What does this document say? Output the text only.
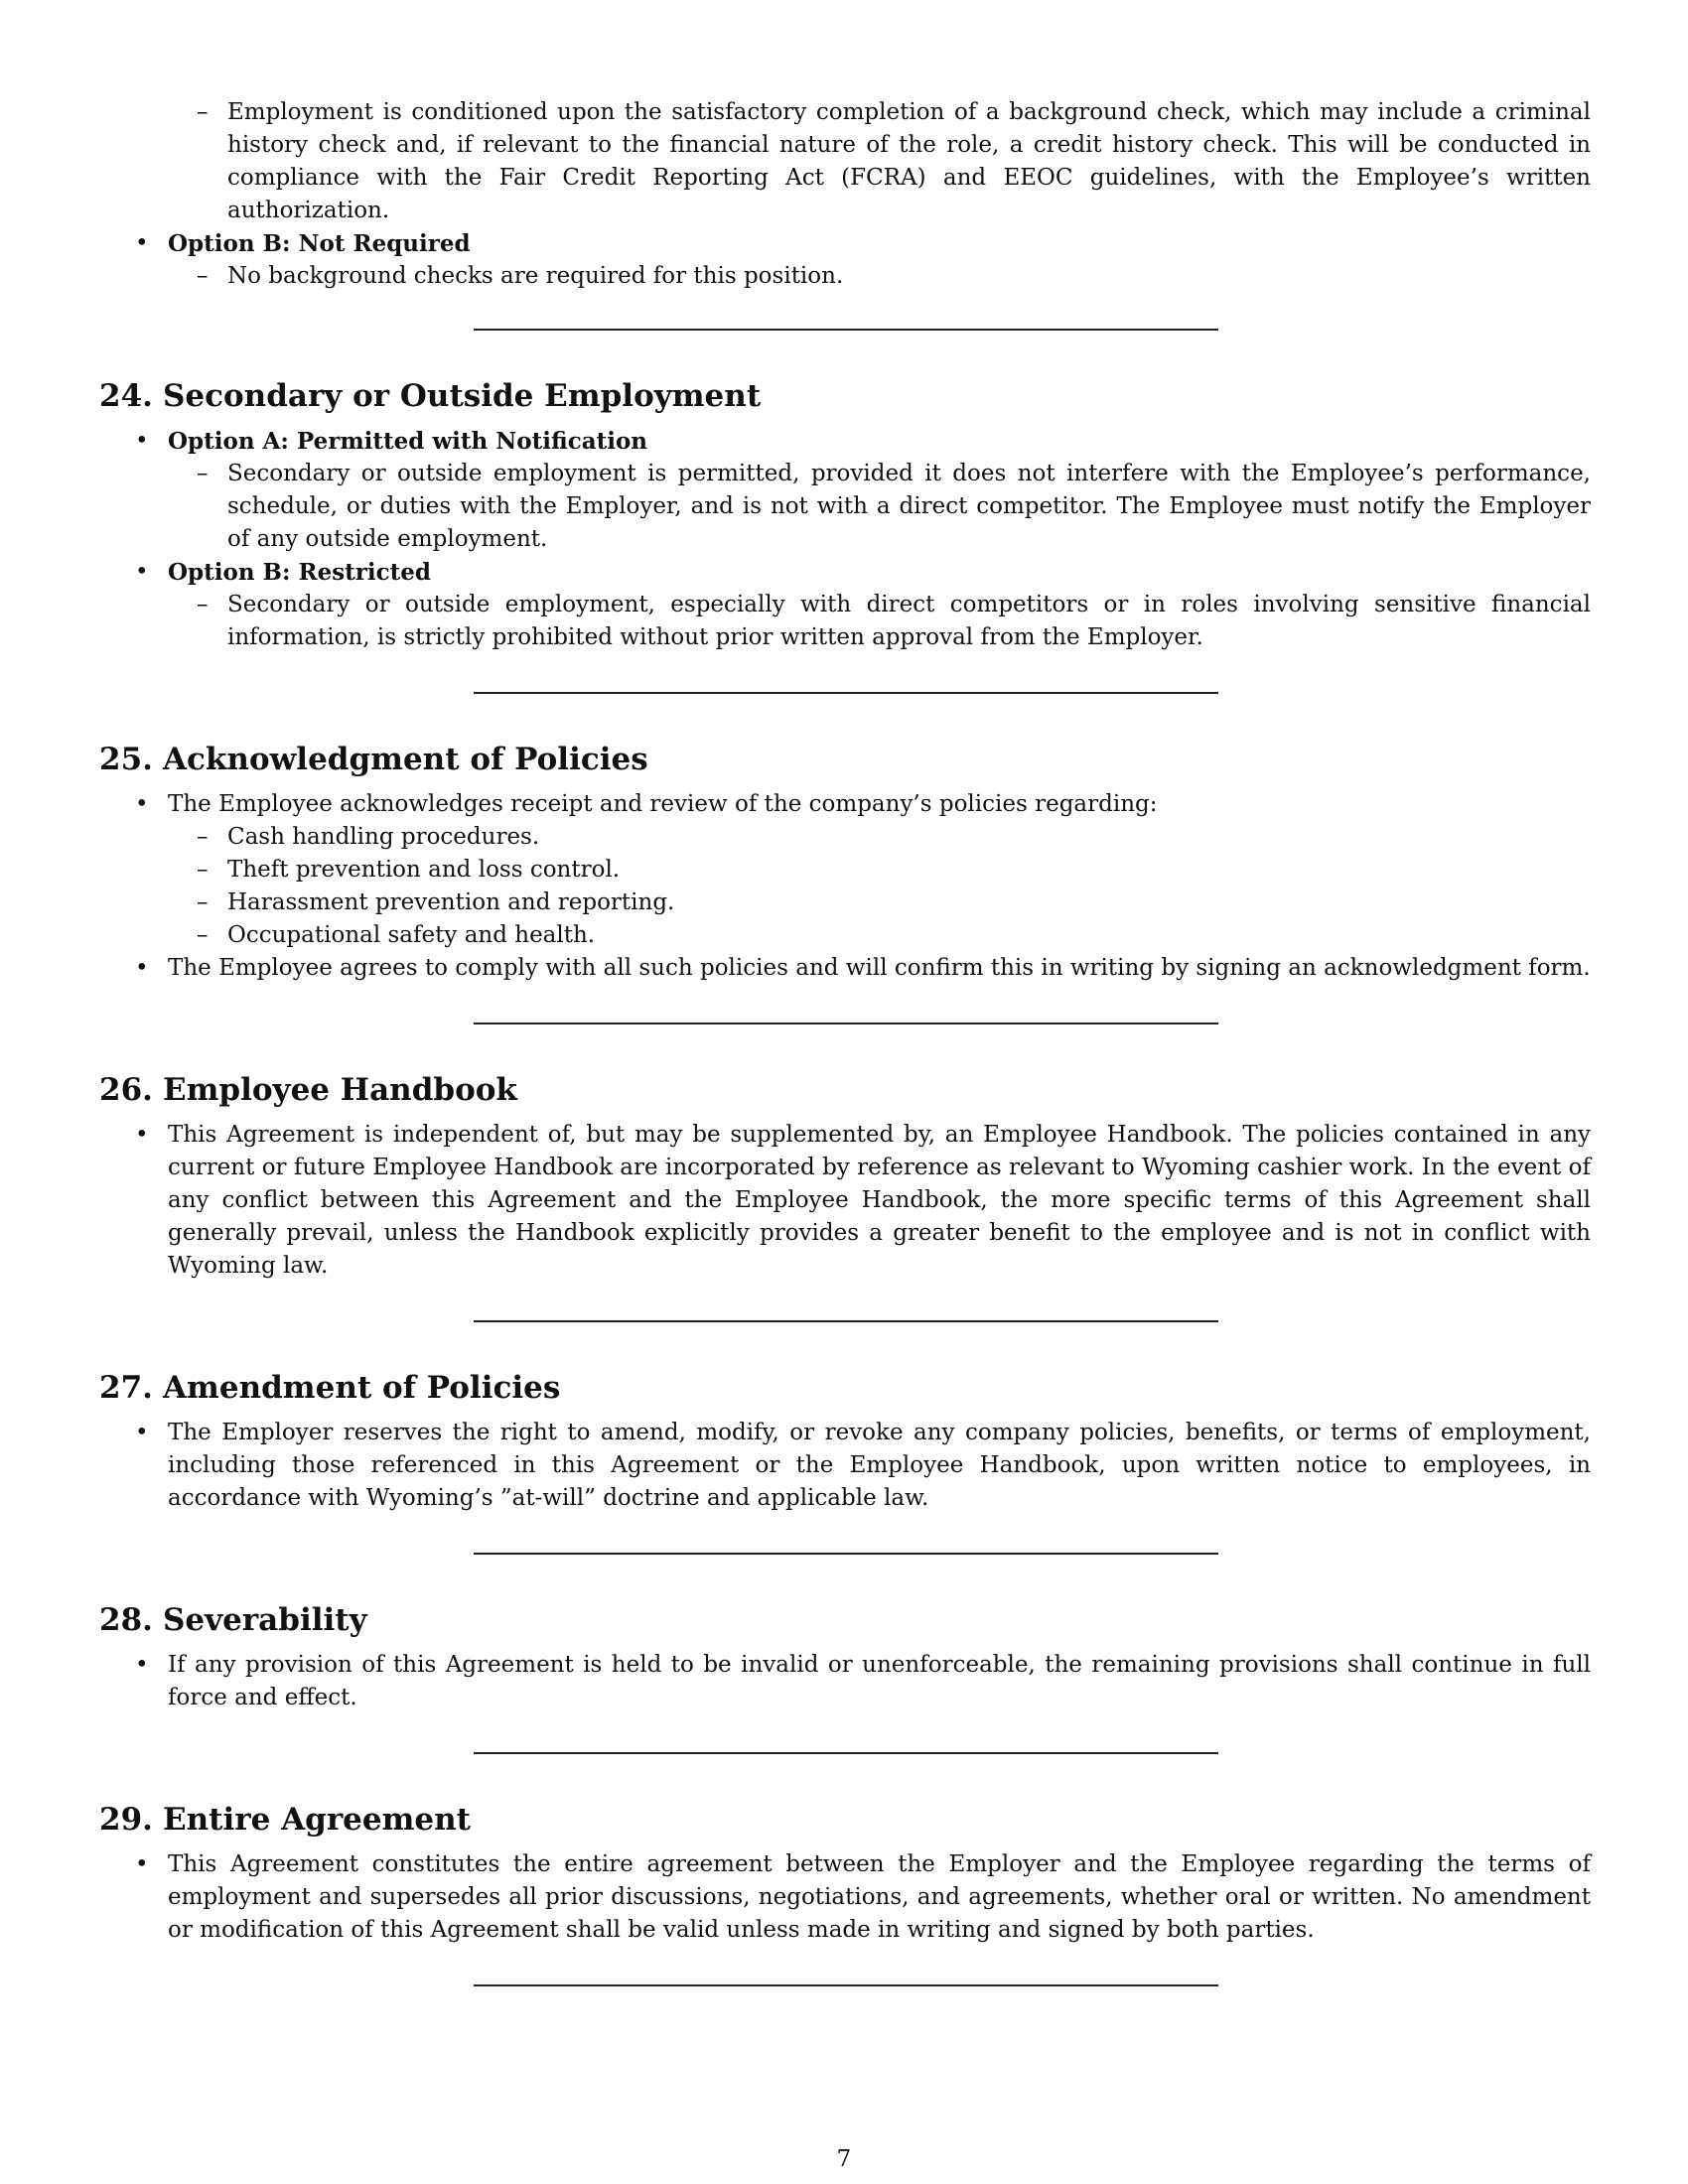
– Employment is conditioned upon the satisfactory completion of a background check, which may include a criminal history check and, if relevant to the financial nature of the role, a credit history check. This will be conducted in compliance with the Fair Credit Reporting Act (FCRA) and EEOC guidelines, with the Employee’s written authorization.

• Option B: Not Required

– No background checks are required for this position.

24. Secondary or Outside Employment
• Option A: Permitted with Notification

– Secondary or outside employment is permitted, provided it does not interfere with the Employee’s performance, schedule, or duties with the Employer, and is not with a direct competitor. The Employee must notify the Employer of any outside employment.

• Option B: Restricted

– Secondary or outside employment, especially with direct competitors or in roles involving sensitive financial information, is strictly prohibited without prior written approval from the Employer.

25. Acknowledgment of Policies
• The Employee acknowledges receipt and review of the company’s policies regarding:

– Cash handling procedures.

– Theft prevention and loss control.

– Harassment prevention and reporting.

– Occupational safety and health.

• The Employee agrees to comply with all such policies and will confirm this in writing by signing an acknowledgment form.

26. Employee Handbook
• This Agreement is independent of, but may be supplemented by, an Employee Handbook. The policies contained in any current or future Employee Handbook are incorporated by reference as relevant to Wyoming cashier work. In the event of any conflict between this Agreement and the Employee Handbook, the more specific terms of this Agreement shall generally prevail, unless the Handbook explicitly provides a greater benefit to the employee and is not in conflict with Wyoming law.

27. Amendment of Policies
• The Employer reserves the right to amend, modify, or revoke any company policies, benefits, or terms of employment, including those referenced in this Agreement or the Employee Handbook, upon written notice to employees, in accordance with Wyoming’s ”at-will” doctrine and applicable law.

28. Severability
• If any provision of this Agreement is held to be invalid or unenforceable, the remaining provisions shall continue in full force and effect.

29. Entire Agreement
• This Agreement constitutes the entire agreement between the Employer and the Employee regarding the terms of employment and supersedes all prior discussions, negotiations, and agreements, whether oral or written. No amendment or modification of this Agreement shall be valid unless made in writing and signed by both parties.

7
